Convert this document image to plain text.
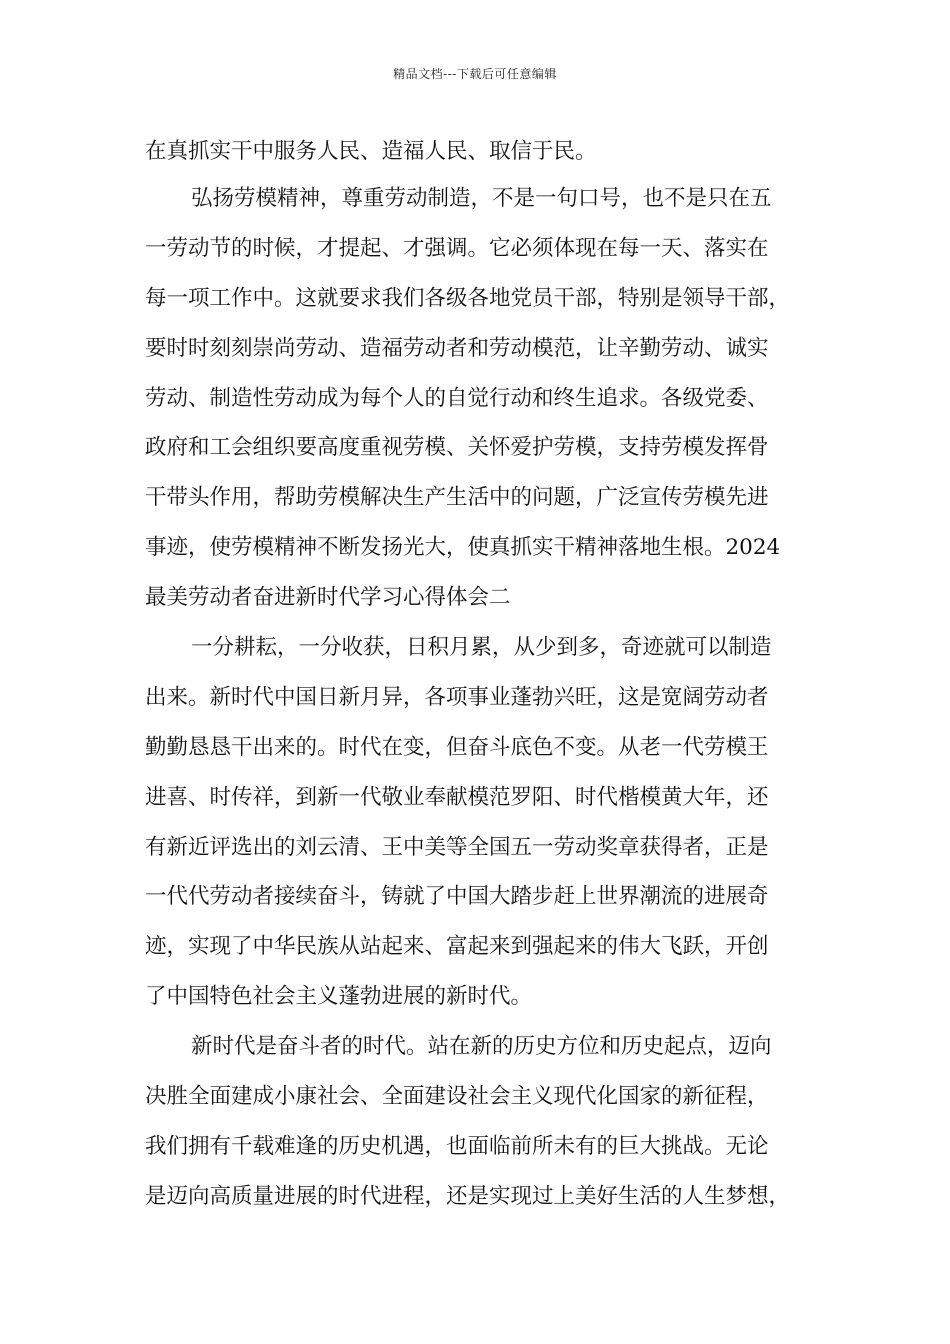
精品文档---下载后可任意编辑
在真抓实干中服务人民、造福人民、取信于民。
弘扬劳模精神，尊重劳动制造，不是一句口号，也不是只在五
一劳动节的时候，才提起、才强调。它必须体现在每一天、落实在
每一项工作中。这就要求我们各级各地党员干部，特别是领导干部，
要时时刻刻崇尚劳动、造福劳动者和劳动模范，让辛勤劳动、诚实
劳动、制造性劳动成为每个人的自觉行动和终生追求。各级党委、
政府和工会组织要高度重视劳模、关怀爱护劳模，支持劳模发挥骨
干带头作用，帮助劳模解决生产生活中的问题，广泛宣传劳模先进
事迹，使劳模精神不断发扬光大，使真抓实干精神落地生根。2024
最美劳动者奋进新时代学习心得体会二
一分耕耘，一分收获，日积月累，从少到多，奇迹就可以制造
出来。新时代中国日新月异，各项事业蓬勃兴旺，这是宽阔劳动者
勤勤恳恳干出来的。时代在变，但奋斗底色不变。从老一代劳模王
进喜、时传祥，到新一代敬业奉献模范罗阳、时代楷模黄大年，还
有新近评选出的刘云清、王中美等全国五一劳动奖章获得者，正是
一代代劳动者接续奋斗，铸就了中国大踏步赶上世界潮流的进展奇
迹，实现了中华民族从站起来、富起来到强起来的伟大飞跃，开创
了中国特色社会主义蓬勃进展的新时代。
新时代是奋斗者的时代。站在新的历史方位和历史起点，迈向
决胜全面建成小康社会、全面建设社会主义现代化国家的新征程，
我们拥有千载难逢的历史机遇，也面临前所未有的巨大挑战。无论
是迈向高质量进展的时代进程，还是实现过上美好生活的人生梦想，
